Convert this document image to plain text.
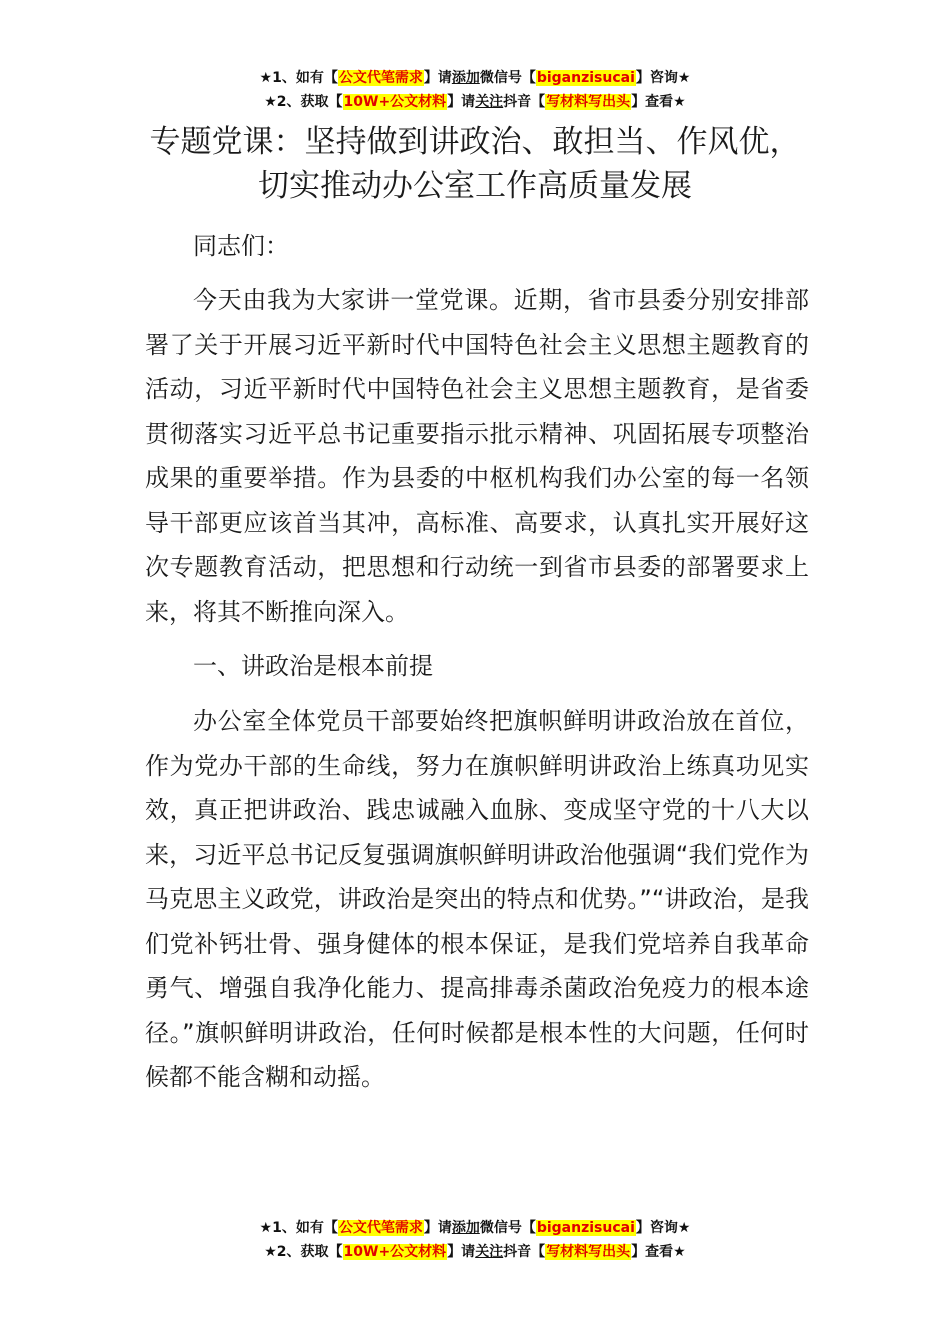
★1、如有【公文代笔需求】请添加微信号【biganzisucai】咨询★
★2、获取【10W+公文材料】请关注抖音【写材料写出头】查看★
专题党课：坚持做到讲政治、敢担当、作风优，切实推动办公室工作高质量发展

同志们：

今天由我为大家讲一堂党课。近期，省市县委分别安排部署了关于开展习近平新时代中国特色社会主义思想主题教育的活动，习近平新时代中国特色社会主义思想主题教育，是省委贯彻落实习近平总书记重要指示批示精神、巩固拓展专项整治成果的重要举措。作为县委的中枢机构我们办公室的每一名领导干部更应该首当其冲，高标准、高要求，认真扎实开展好这次专题教育活动，把思想和行动统一到省市县委的部署要求上来，将其不断推向深入。

一、讲政治是根本前提

办公室全体党员干部要始终把旗帜鲜明讲政治放在首位，作为党办干部的生命线，努力在旗帜鲜明讲政治上练真功见实效，真正把讲政治、践忠诚融入血脉、变成坚守党的十八大以来，习近平总书记反复强调旗帜鲜明讲政治他强调“我们党作为马克思主义政党，讲政治是突出的特点和优势。”“讲政治，是我们党补钙壮骨、强身健体的根本保证，是我们党培养自我革命勇气、增强自我净化能力、提高排毒杀菌政治免疫力的根本途径。”旗帜鲜明讲政治，任何时候都是根本性的大问题，任何时候都不能含糊和动摇。

★1、如有【公文代笔需求】请添加微信号【biganzisucai】咨询★
★2、获取【10W+公文材料】请关注抖音【写材料写出头】查看★
